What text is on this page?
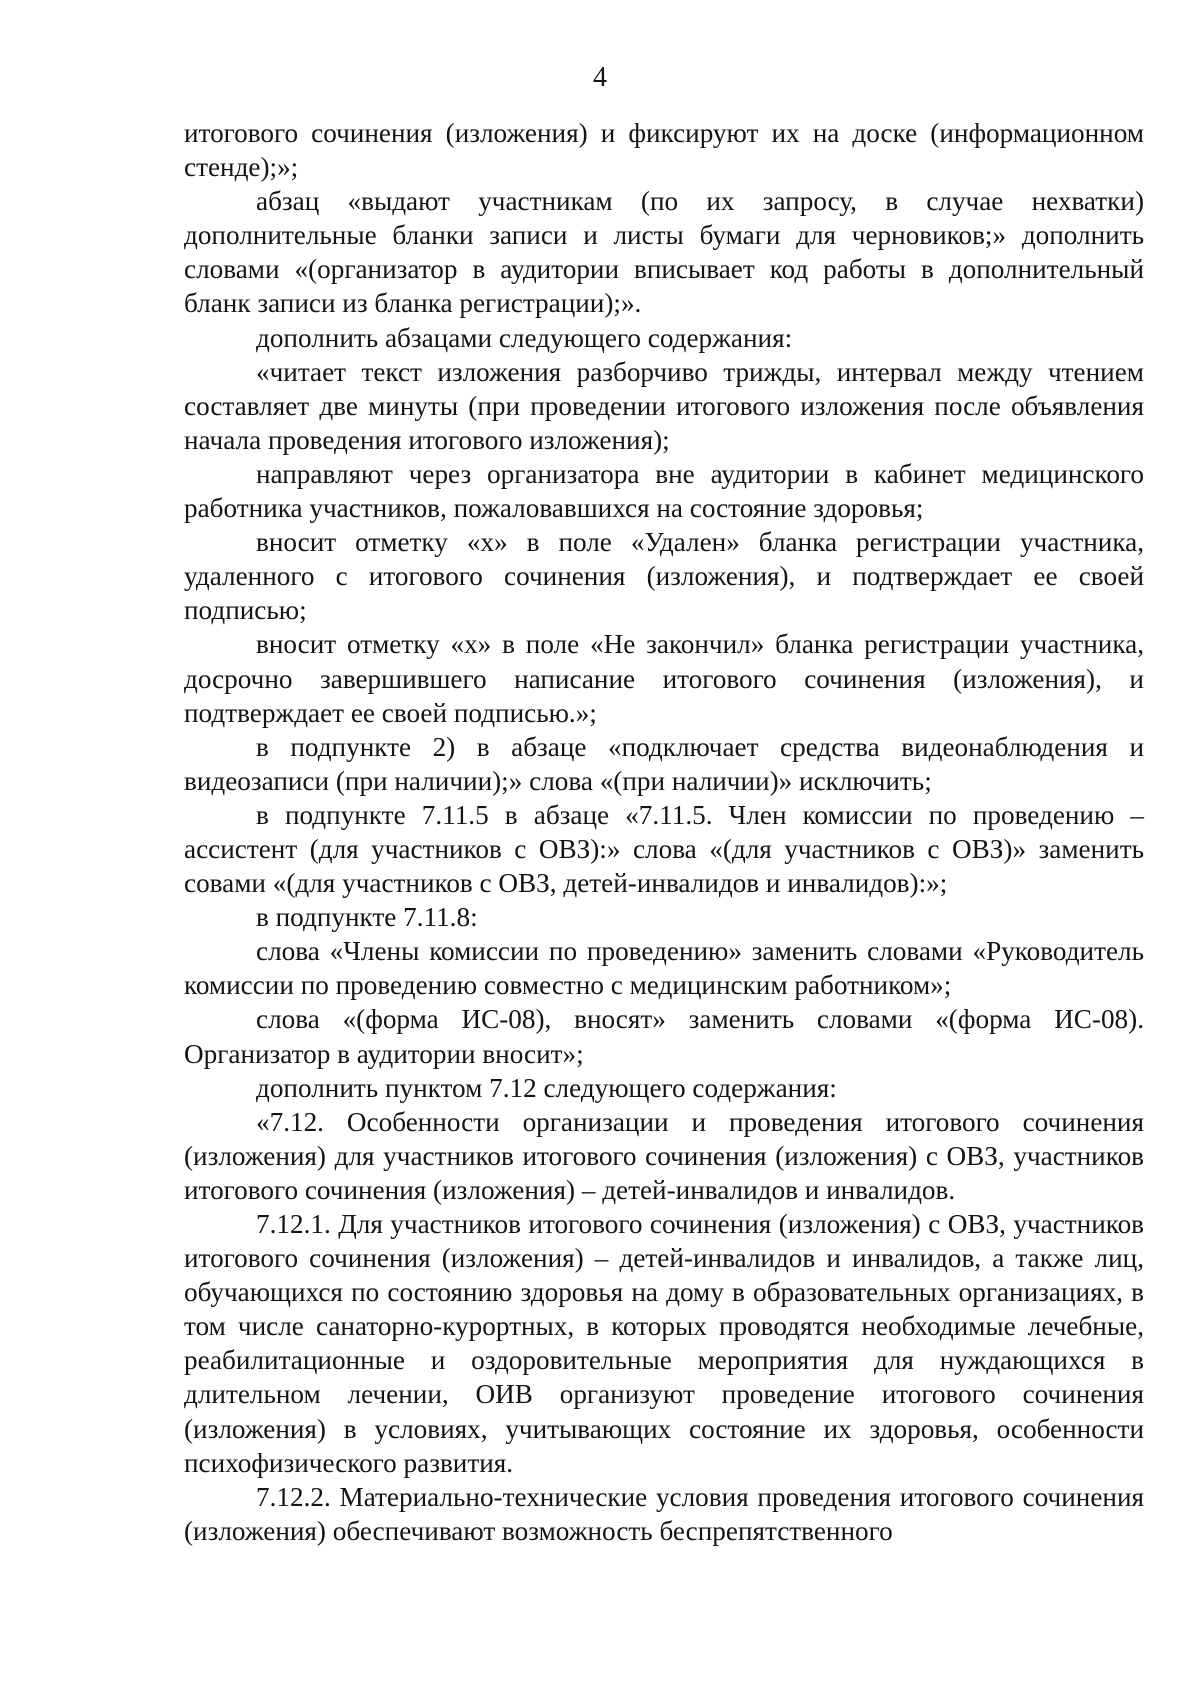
4

итогового сочинения (изложения) и фиксируют их на доске (информационном стенде);»;

абзац «выдают участникам (по их запросу, в случае нехватки) дополнительные бланки записи и листы бумаги для черновиков;» дополнить словами «(организатор в аудитории вписывает код работы в дополнительный бланк записи из бланка регистрации);».

дополнить абзацами следующего содержания:

«читает текст изложения разборчиво трижды, интервал между чтением составляет две минуты (при проведении итогового изложения после объявления начала проведения итогового изложения);

направляют через организатора вне аудитории в кабинет медицинского работника участников, пожаловавшихся на состояние здоровья;

вносит отметку «х» в поле «Удален» бланка регистрации участника, удаленного с итогового сочинения (изложения), и подтверждает ее своей подписью;

вносит отметку «х» в поле «Не закончил» бланка регистрации участника, досрочно завершившего написание итогового сочинения (изложения), и подтверждает ее своей подписью.»;

в подпункте 2) в абзаце «подключает средства видеонаблюдения и видеозаписи (при наличии);» слова «(при наличии)» исключить;

в подпункте 7.11.5 в абзаце «7.11.5. Член комиссии по проведению – ассистент (для участников с ОВЗ):» слова «(для участников с ОВЗ)» заменить совами «(для участников с ОВЗ, детей-инвалидов и инвалидов):»;

в подпункте 7.11.8:

слова «Члены комиссии по проведению» заменить словами «Руководитель комиссии по проведению совместно с медицинским работником»;

слова «(форма ИС-08), вносят» заменить словами «(форма ИС-08). Организатор в аудитории вносит»;

дополнить пунктом 7.12 следующего содержания:

«7.12. Особенности организации и проведения итогового сочинения (изложения) для участников итогового сочинения (изложения) с ОВЗ, участников итогового сочинения (изложения) – детей-инвалидов и инвалидов.

7.12.1. Для участников итогового сочинения (изложения) с ОВЗ, участников итогового сочинения (изложения) – детей-инвалидов и инвалидов, а также лиц, обучающихся по состоянию здоровья на дому в образовательных организациях, в том числе санаторно-курортных, в которых проводятся необходимые лечебные, реабилитационные и оздоровительные мероприятия для нуждающихся в длительном лечении, ОИВ организуют проведение итогового сочинения (изложения) в условиях, учитывающих состояние их здоровья, особенности психофизического развития.

7.12.2. Материально-технические условия проведения итогового сочинения (изложения) обеспечивают возможность беспрепятственного
